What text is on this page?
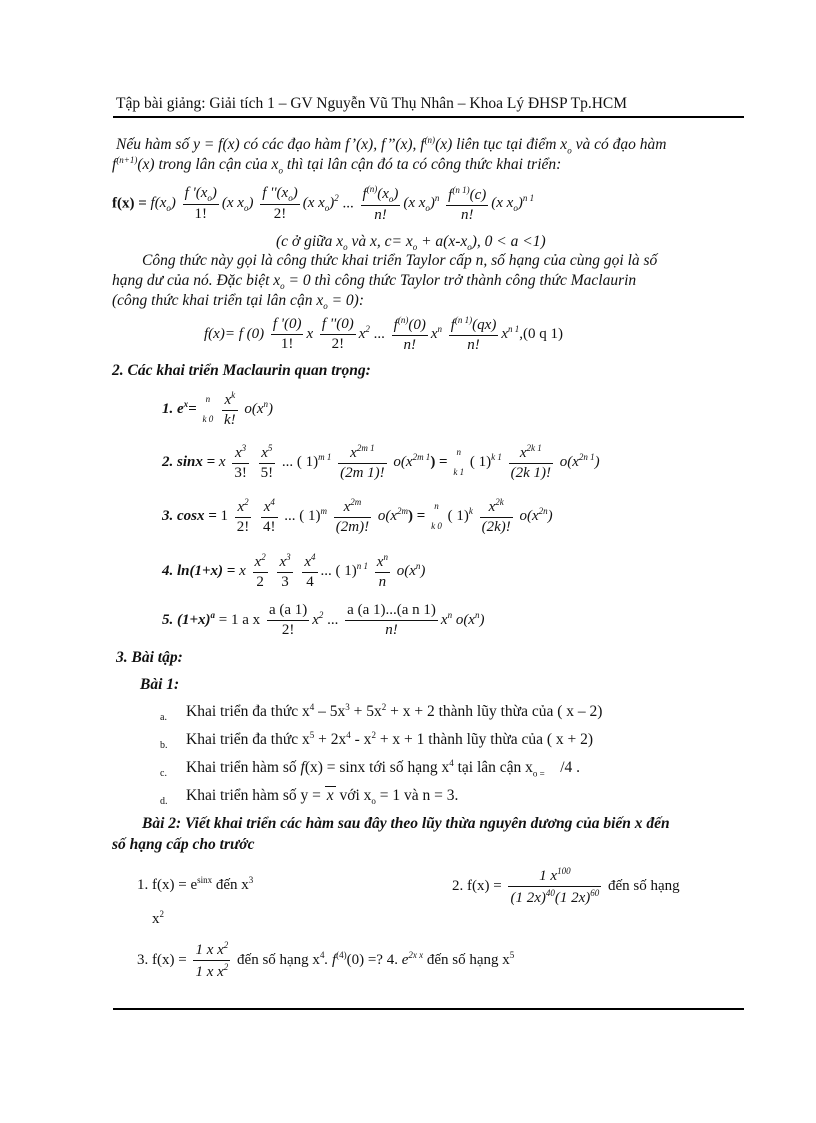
Tập bài giảng: Giải tích 1 – GV Nguyễn Vũ Thụ Nhân – Khoa Lý ĐHSP Tp.HCM
Nếu hàm số y = f(x) có các đạo hàm f’(x), f’’(x), $f^{(n)}(x)$ liên tục tại điểm $x_o$ và có đạo hàm
$f^{(n+1)}(x)$ trong lân cận của $x_o$ thì tại lân cận đó ta có công thức khai triển:
$f(x) = f(x_o) \frac{f '(x_o)}{1!} (x$ $x_o) \frac{f ''(x_o)}{2!} (x$ $x_o)^2$ ... $\frac{f^{(n)}(x_o)}{n!} (x$ $x_o)^n \frac{f^{(n 1)}(c)}{n!} (x$ $x_o)^{n 1}$
(c ở giữa $x_o$ và x, $c= x_o + a(x-x_o)$, 0 < a <1)
Công thức này gọi là công thức khai triển Taylor cấp n, số hạng của cùng gọi là số
hạng dư của nó. Đặc biệt $x_o = 0$ thì công thức Taylor trở thành công thức Maclaurin
(công thức khai triển tại lân cận $x_o = 0$):
f(x)= f $(0) \frac{f '(0)}{1!}$ x $\frac{f ''(0)}{2!} x^2$ ... $\frac{f^{(n)}(0)}{n!} x^n \frac{f^{(n 1)}(qx)}{n!} x^{n 1},(0$ q 1)
2. Các khai triển Maclaurin quan trọng:
1. $e^x= n$
k $0 \frac{x^k}{k!} o(x^n)$
2. sinx = x $\frac{x^3}{3!}$
$\frac{x^5}{5!}$ ... ( $1)^{m 1} \frac{x^{2m 1}}{(2m 1)!} o(x^{2m 1}) = n$
k 1 ( $1)^{k 1} \frac{x^{2k 1}}{(2k 1)!} o(x^{2n 1})$
3. $\cos x = 1 \frac{x^2}{2!}$
$\frac{x^4}{4!}$ ... ( $1)^m \frac{x^{2m}}{(2m)!} o(x^{2m}) = n$
k 0 ( $1)^k \frac{x^{2k}}{(2k)!} o(x^{2n})$
4. ln(1+x) = x $\frac{x^2}{2}$
$\frac{x^3}{3}$
$\frac{x^4}{4}$ ... ( $1)^{n 1} \frac{x^n}{n} o(x^n)$
5. $(1+x)^a = 1$ a x $\frac{a (a 1)}{2!} x^2$ ... $\frac{\text{a (a 1)...(a n 1)}}{n!} x^n$ $o(x^n)$
3. Bài tập:
Bài 1:
a. Khai triển đa thức $x^4 - 5x^3 + 5x^2 + x + 2$ thành lũy thừa của ( x – 2)
b. Khai triển đa thức $x^5 + 2x^4 - x^2 + x + 1$ thành lũy thừa của ( x + 2)
c. Khai triển hàm số f(x) = sinx tới số hạng $x^4$ tại lân cận $x_{o =}$    /4 .
d. Khai triển hàm số y = x với $x_o = 1$ và n = 3.
Bài 2: Viết khai triển các hàm sau đây theo lũy thừa nguyên dương của biến x đến
số hạng cấp cho trước
1. $f(x) = e^{sinx}$ đến $x^3$	2. $f(x) = \frac{1 x^{100}}{(1 2x)^{40}(1 2x)^{60}}$ đến số hạng
$x^2$
3. $f(x) = \frac{1 x x^2}{1 x x^2}$ đến số hạng $x^4$. $f^{(4)}(0)$ =? 4. $e^{2x x}$ đến số hạng $x^5$
